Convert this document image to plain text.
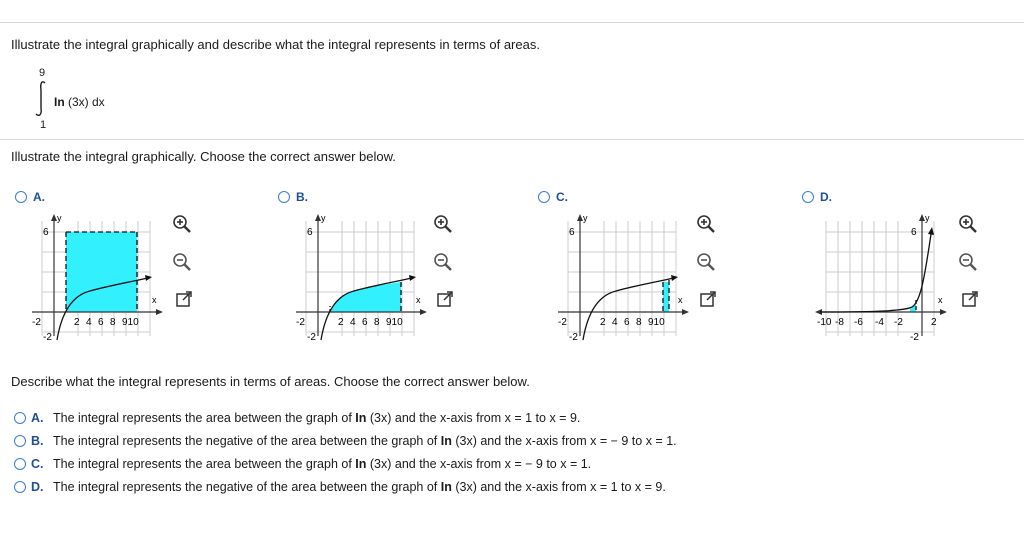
Illustrate the integral graphically and describe what the integral represents in terms of areas.
9
In (3x) dx
1
Illustrate the integral graphically. Choose the correct answer below.
A.
y
6
x
-2	2 4 6 8 910
-2
B.
y
6
x
-2	2 4 6 8 910
-2
C.
y
6
x
-2	2 4 6 8 910
-2
D.
y
6
x
-10 -8 -6 -4 -2	2
-2
Describe what the integral represents in terms of areas. Choose the correct answer below.
A. The integral represents the area between the graph of In (3x) and the x-axis from x = 1 to x = 9.
B. The integral represents the negative of the area between the graph of In (3x) and the x-axis from x = − 9 to x = 1.
C. The integral represents the area between the graph of In (3x) and the x-axis from x = − 9 to x = 1.
D. The integral represents the negative of the area between the graph of In (3x) and the x-axis from x = 1 to x = 9.
